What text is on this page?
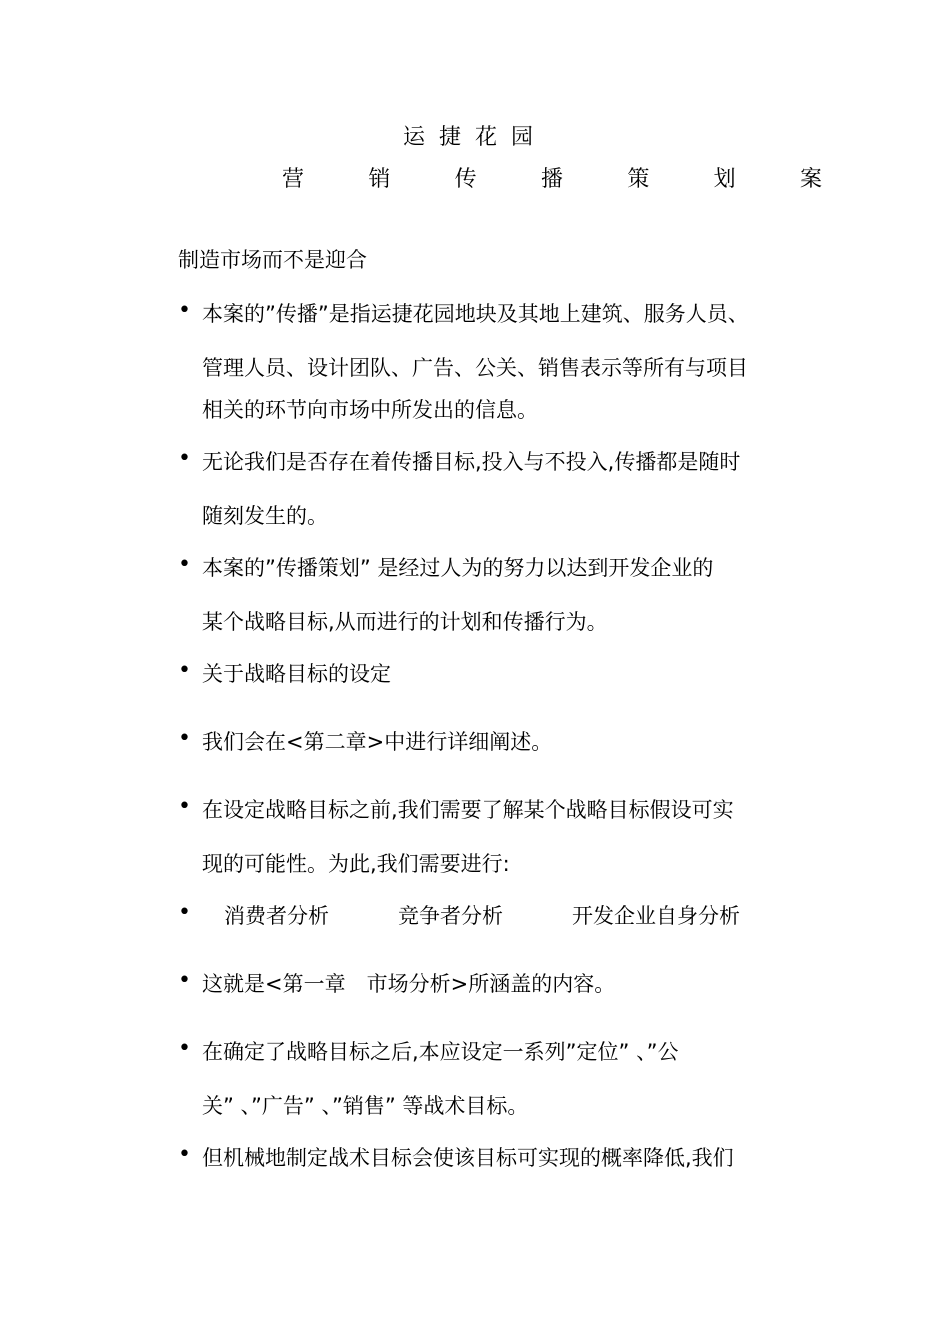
运捷花园
营	销	传	播	策	划	案
制造市场而不是迎合
• 本案的”传播”是指运捷花园地块及其地上建筑、服务人员、
管理人员、设计团队、广告、公关、销售表示等所有与项目
相关的环节向市场中所发出的信息。
• 无论我们是否存在着传播目标,投入与不投入,传播都是随时
随刻发生的。
• 本案的”传播策划” 是经过人为的努力以达到开发企业的
某个战略目标,从而进行的计划和传播行为。
• 关于战略目标的设定
• 我们会在<第二章>中进行详细阐述。
• 在设定战略目标之前,我们需要了解某个战略目标假设可实
现的可能性。为此,我们需要进行:
• 消费者分析	竞争者分析	开发企业自身分析
• 这就是<第一章　市场分析>所涵盖的内容。
• 在确定了战略目标之后,本应设定一系列”定位” 、”公
关” 、”广告” 、”销售” 等战术目标。
• 但机械地制定战术目标会使该目标可实现的概率降低,我们
